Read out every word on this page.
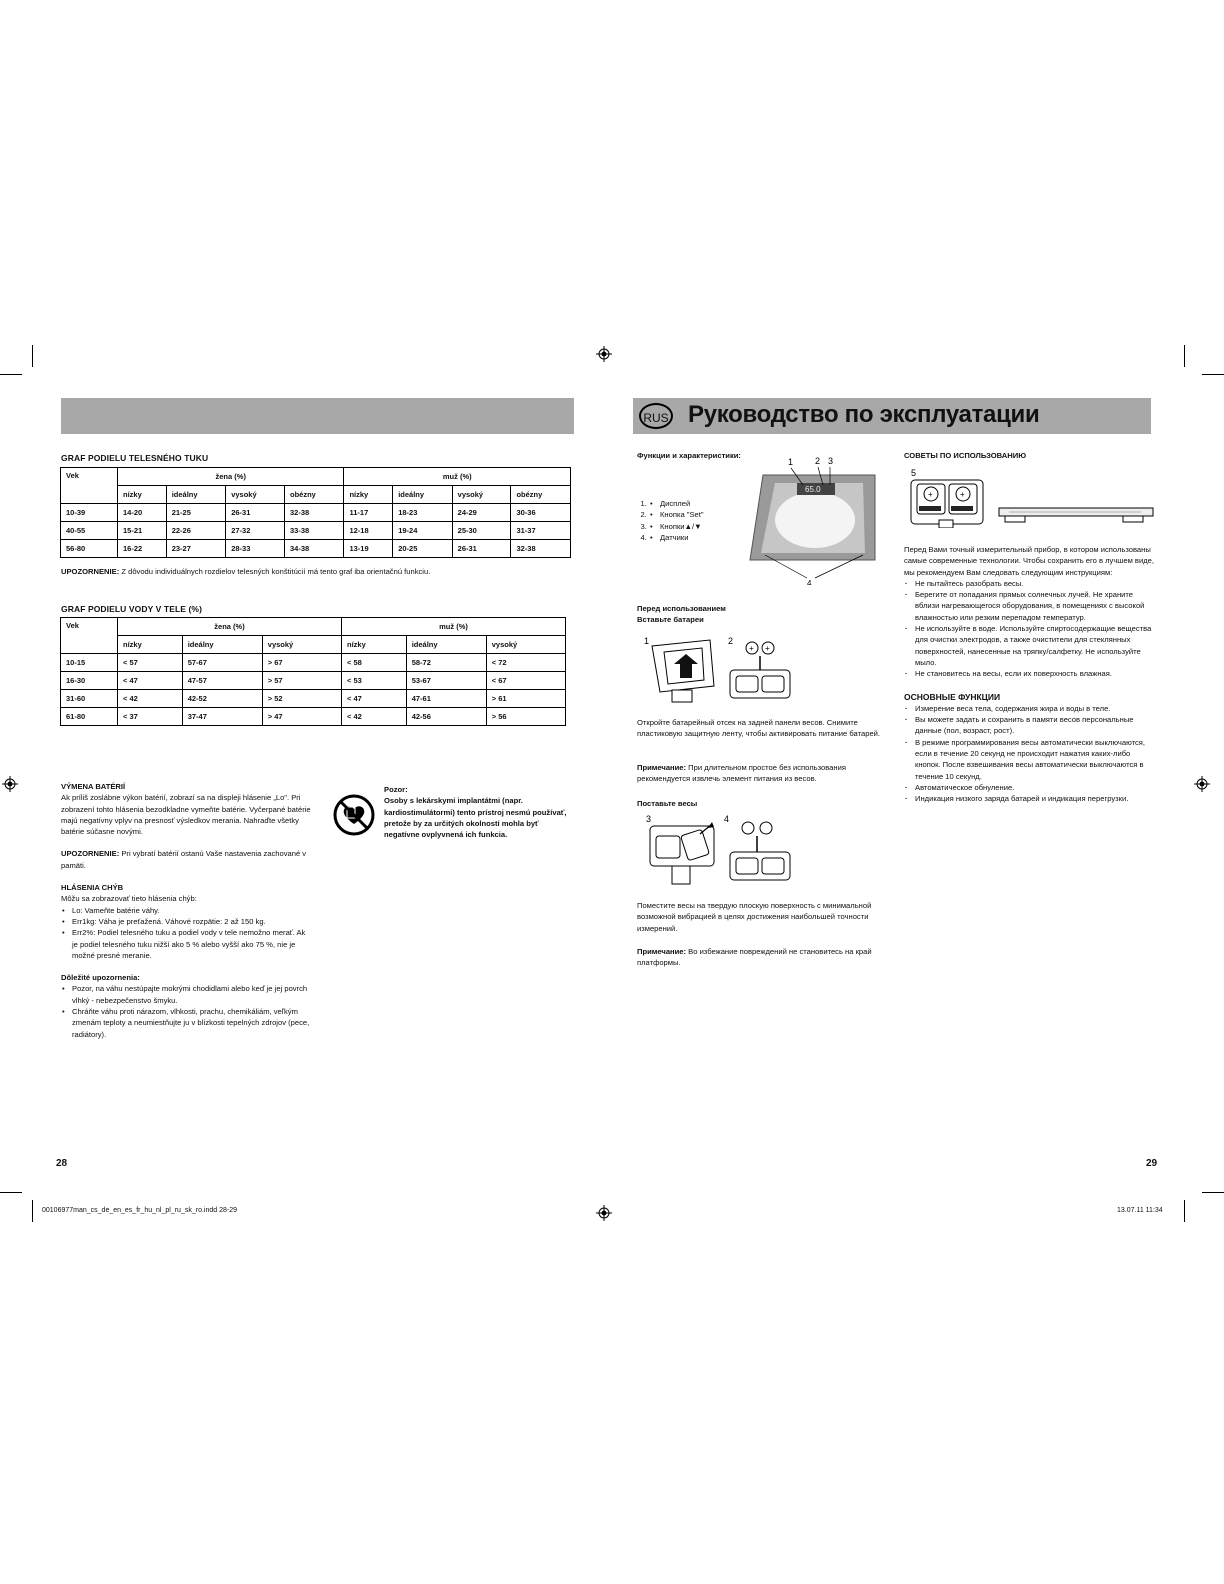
GRAF PODIELU TELESNÉHO TUKU
Vek	žena (%)				muž (%)			
	nízky	ideálny	vysoký	obézny	nízky	ideálny	vysoký	obézny
10-39	14-20	21-25	26-31	32-38	11-17	18-23	24-29	30-36
40-55	15-21	22-26	27-32	33-38	12-18	19-24	25-30	31-37
56-80	16-22	23-27	28-33	34-38	13-19	20-25	26-31	32-38
UPOZORNENIE: Z dôvodu individuálnych rozdielov telesných konštitúcií má tento graf iba orientačnú funkciu.
GRAF PODIELU VODY V TELE (%)
Vek	žena (%)			muž (%)		
	nízky	ideálny	vysoký	nízky	ideálny	vysoký
10-15	< 57	57-67	> 67	< 58	58-72	< 72
16-30	< 47	47-57	> 57	< 53	53-67	< 67
31-60	< 42	42-52	> 52	< 47	47-61	> 61
61-80	< 37	37-47	> 47	< 42	42-56	> 56

VÝMENA BATÉRIÍ

Ak príliš zoslábne výkon batérií, zobrazí sa na displeji hlásenie „Lo". Pri zobrazení tohto hlásenia bezodkladne vymeňte batérie. Vyčerpané batérie majú negatívny vplyv na presnosť výsledkov merania. Nahraďte všetky batérie súčasne novými.

UPOZORNENIE: Pri vybratí batérií ostanú Vaše nastavenia zachované v pamäti.

HLÁSENIA CHÝB

Môžu sa zobrazovať tieto hlásenia chýb:

• Lo: Vameňte batérie váhy.
• Err1kg: Váha je preťažená. Váhové rozpätie: 2 až 150 kg.
• Err2%: Podiel telesného tuku a podiel vody v tele nemožno merať. Ak je podiel telesného tuku nižší ako 5 % alebo vyšší ako 75 %, nie je možné presné meranie.

Dôležité upozornenia:

• Pozor, na váhu nestúpajte mokrými chodidlami alebo keď je jej povrch vlhký - nebezpečenstvo šmyku.
• Chráňte váhu proti nárazom, vlhkosti, prachu, chemikáliám, veľkým zmenám teploty a neumiestňujte ju v blízkosti tepelných zdrojov (pece, radiátory).

Pozor:

Osoby s lekárskymi implantátmi (napr. kardiostimulátormi) tento prístroj nesmú používať, pretože by za určitých okolností mohla byť negatívne ovplyvnená ich funkcia.

28
00106977man_cs_de_en_es_fr_hu_nl_pl_ru_sk_ro.indd 28-29
RUS Руководство по эксплуатации
Функции и характеристики:
• 1. Дисплей
• 2. Кнопка "Set"
• 3. Кнопки▲/▼
• 4. Датчики
1 2 3
65.0
4
Перед использованием
Вставьте батареи
1	2
+ +
Откройте батарейный отсек на задней панели весов. Снимите пластиковую защитную ленту, чтобы активировать питание батарей.
Примечание: При длительном простое без использования рекомендуется извлечь элемент питания из весов.
Поставьте весы
3	4
Поместите весы на твердую плоскую поверхность с минимальной возможной вибрацией в целях достижения наибольшей точности измерений.
Примечание: Во избежание повреждений не становитесь на край платформы.
СОВЕТЫ ПО ИСПОЛЬЗОВАНИЮ
5
+	+

Перед Вами точный измерительный прибор, в котором использованы самые современные технологии. Чтобы сохранить его в лучшем виде, мы рекомендуем Вам следовать следующим инструкциям:

· Не пытайтесь разобрать весы.
· Берегите от попадания прямых солнечных лучей. Не храните вблизи нагревающегося оборудования, в помещениях с высокой влажностью или резким перепадом температур.
· Не используйте в воде. Используйте спиртосодержащие вещества для очистки электродов, а также очистители для стеклянных поверхностей, нанесенные на тряпку/салфетку. Не используйте мыло.
· Не становитесь на весы, если их поверхность влажная.

ОСНОВНЫЕ ФУНКЦИИ

· Измерение веса тела, содержания жира и воды в теле.
· Вы можете задать и сохранить в памяти весов персональные данные (пол, возраст, рост).
· В режиме программирования весы автоматически выключаются, если в течение 20 секунд не происходит нажатия каких-либо кнопок. После взвешивания весы автоматически выключаются в течение 10 секунд.
· Автоматическое обнуление.
· Индикация низкого заряда батарей и индикация перегрузки.
29
13.07.11 11:34
